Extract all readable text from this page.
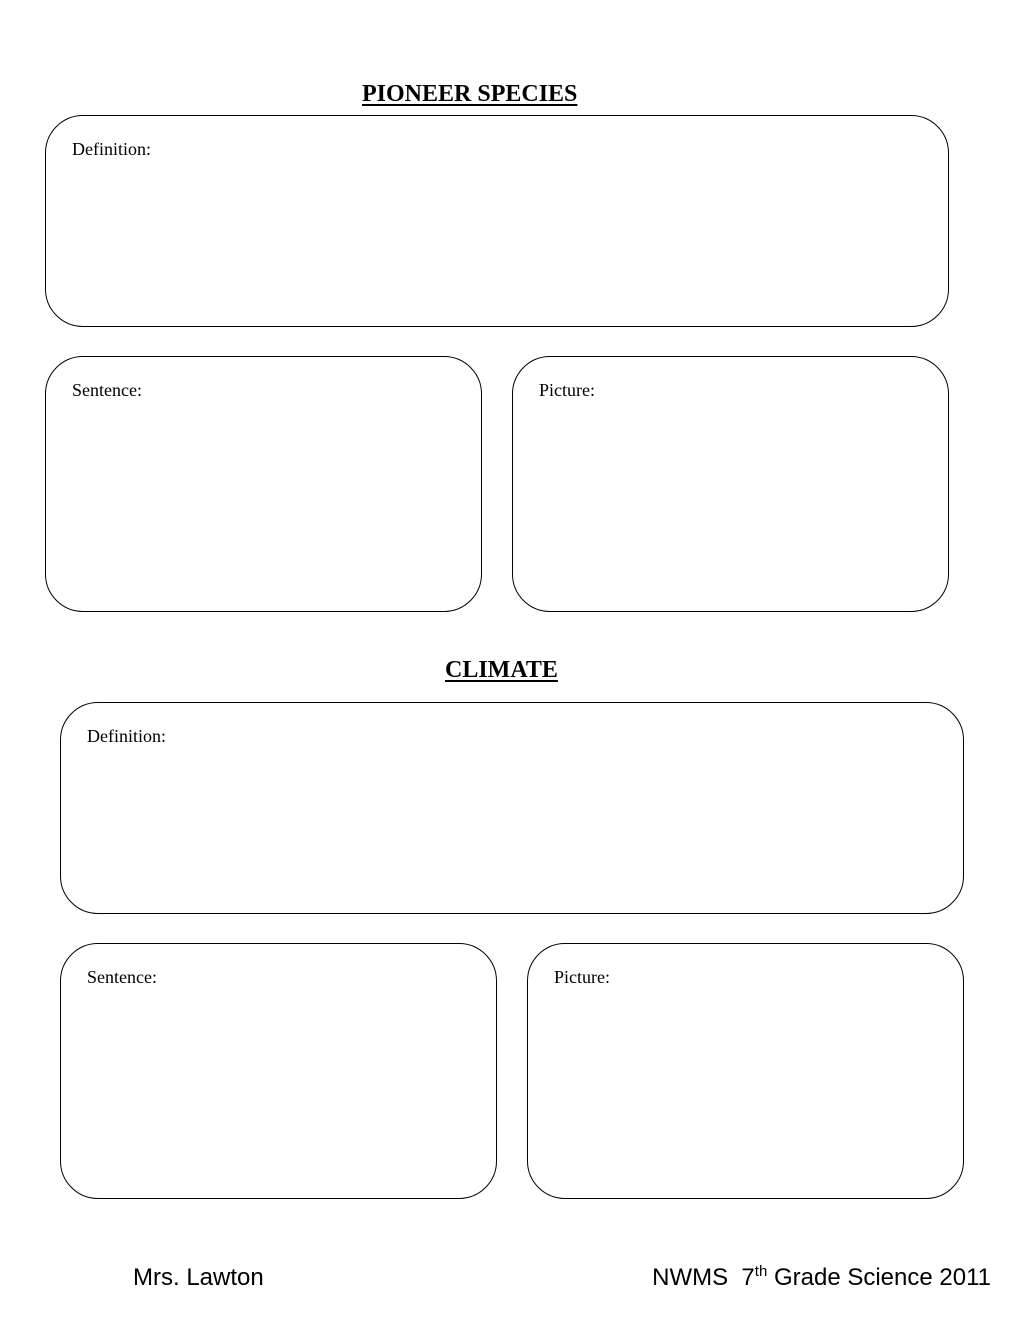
PIONEER SPECIES
Definition:
Sentence:	Picture:
CLIMATE
Definition:
Sentence:	Picture:
Mrs. Lawton	NWMS  7th Grade Science 2011
